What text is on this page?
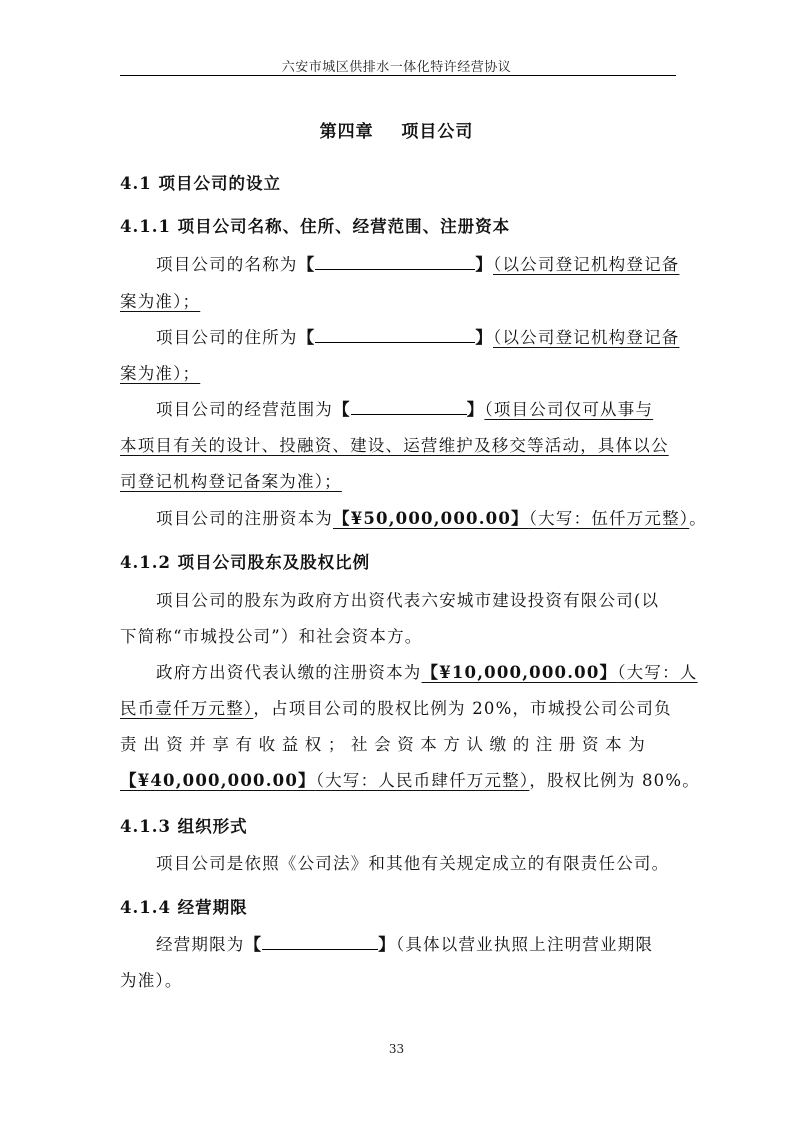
六安市城区供排水一体化特许经营协议
第四章 项目公司
4.1 项目公司的设立
4.1.1 项目公司名称、住所、经营范围、注册资本
项目公司的名称为【	】（以公司登记机构登记备
案为准）；
项目公司的住所为【	】（以公司登记机构登记备
案为准）；
项目公司的经营范围为【	】（项目公司仅可从事与
本项目有关的设计、投融资、建设、运营维护及移交等活动，具体以公
司登记机构登记备案为准）；
项目公司的注册资本为【¥50,000,000.00】（大写：伍仟万元整）。
4.1.2 项目公司股东及股权比例
项目公司的股东为政府方出资代表六安城市建设投资有限公司(以
下简称“市城投公司”）和社会资本方。
政府方出资代表认缴的注册资本为【¥10,000,000.00】（大写：人
民币壹仟万元整），占项目公司的股权比例为 20%，市城投公司公司负
责出资并享有收益权；社会资本方认缴的注册资本为
【¥40,000,000.00】（大写：人民币肆仟万元整），股权比例为 80%。
4.1.3 组织形式
项目公司是依照《公司法》和其他有关规定成立的有限责任公司。
4.1.4 经营期限
经营期限为【	】（具体以营业执照上注明营业期限
为准）。
33
